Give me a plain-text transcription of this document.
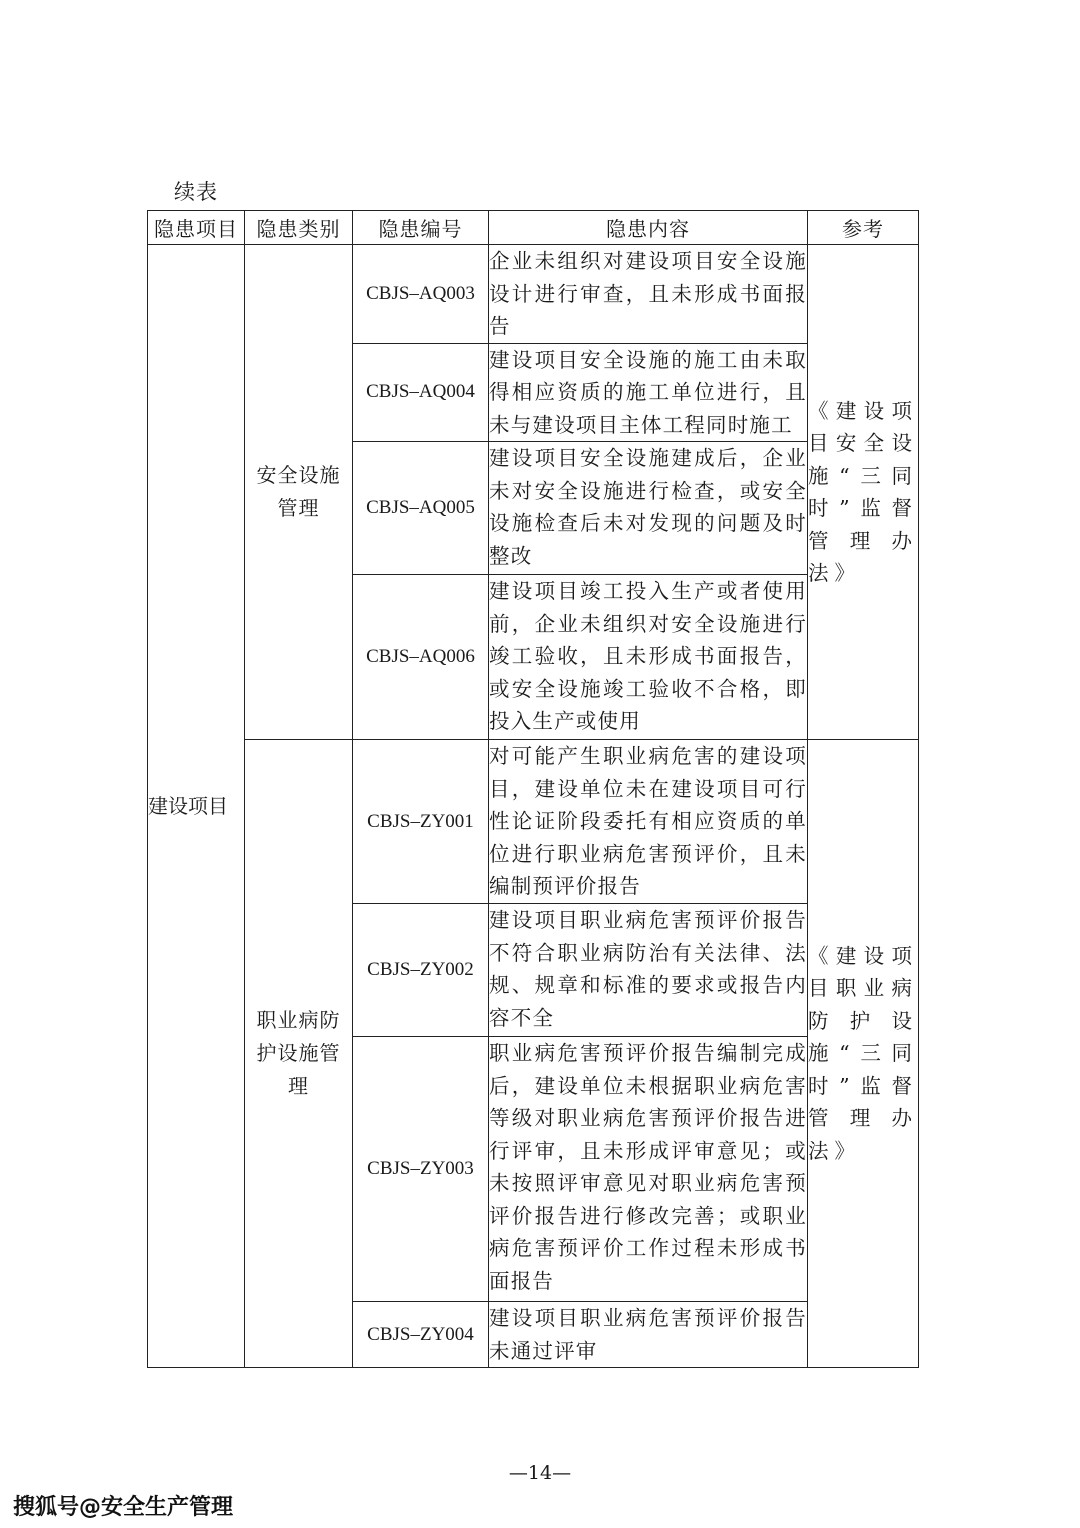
续表
隐患项目	隐患类别	隐患编号	隐患内容	参考
建设项目	安全设施管理	CBJS–AQ003	企业未组织对建设项目安全设施设计进行审查，且未形成书面报告	《建设项目安全设施“三同时”监督管理办法》
		CBJS–AQ004	建设项目安全设施的施工由未取得相应资质的施工单位进行，且未与建设项目主体工程同时施工	
		CBJS–AQ005	建设项目安全设施建成后，企业未对安全设施进行检查，或安全设施检查后未对发现的问题及时整改	
		CBJS–AQ006	建设项目竣工投入生产或者使用前，企业未组织对安全设施进行竣工验收，且未形成书面报告，或安全设施竣工验收不合格，即投入生产或使用	

	职业病防护设施管理	CBJS–ZY001	对可能产生职业病危害的建设项目，建设单位未在建设项目可行性论证阶段委托有相应资质的单位进行职业病危害预评价，且未编制预评价报告	《建设项目职业病防护设施“三同时”监督管理办法》
		CBJS–ZY002	建设项目职业病危害预评价报告不符合职业病防治有关法律、法规、规章和标准的要求或报告内容不全	
		CBJS–ZY003	职业病危害预评价报告编制完成后，建设单位未根据职业病危害等级对职业病危害预评价报告进行评审，且未形成评审意见；或未按照评审意见对职业病危害预评价报告进行修改完善；或职业病危害预评价工作过程未形成书面报告	
		CBJS–ZY004	建设项目职业病危害预评价报告未通过评审	
—14—
搜狐号@安全生产管理
